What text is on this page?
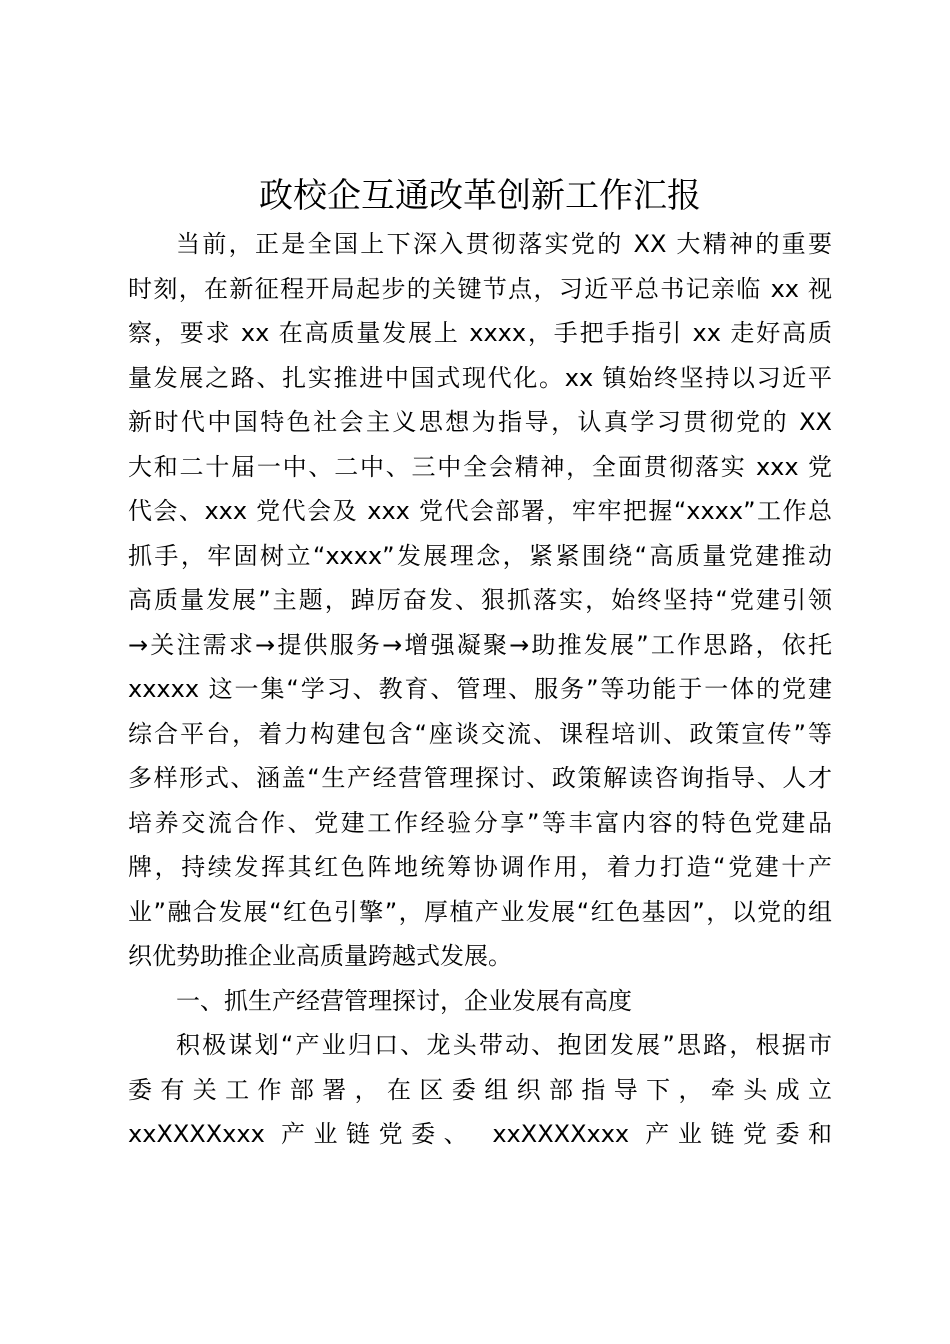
政校企互通改革创新工作汇报
当前，正是全国上下深入贯彻落实党的 XX 大精神的重要
时刻，在新征程开局起步的关键节点，习近平总书记亲临 xx 视
察，要求 xx 在高质量发展上 xxxx，手把手指引 xx 走好高质
量发展之路、扎实推进中国式现代化。xx 镇始终坚持以习近平
新时代中国特色社会主义思想为指导，认真学习贯彻党的 XX
大和二十届一中、二中、三中全会精神，全面贯彻落实 xxx 党
代会、xxx 党代会及 xxx 党代会部署，牢牢把握“xxxx”工作总
抓手，牢固树立“xxxx”发展理念，紧紧围绕“高质量党建推动
高质量发展”主题，踔厉奋发、狠抓落实，始终坚持“党建引领
→关注需求→提供服务→增强凝聚→助推发展”工作思路，依托
xxxxx 这一集“学习、教育、管理、服务”等功能于一体的党建
综合平台，着力构建包含“座谈交流、课程培训、政策宣传”等
多样形式、涵盖“生产经营管理探讨、政策解读咨询指导、人才
培养交流合作、党建工作经验分享”等丰富内容的特色党建品
牌，持续发挥其红色阵地统筹协调作用，着力打造“党建十产
业”融合发展“红色引擎”，厚植产业发展“红色基因”，以党的组
织优势助推企业高质量跨越式发展。
一、抓生产经营管理探讨，企业发展有高度
积极谋划“产业归口、龙头带动、抱团发展”思路，根据市
委有关工作部署，在区委组织部指导下，牵头成立
xxXXXXxxx 产业链党委、 xxXXXXxxx 产业链党委和
